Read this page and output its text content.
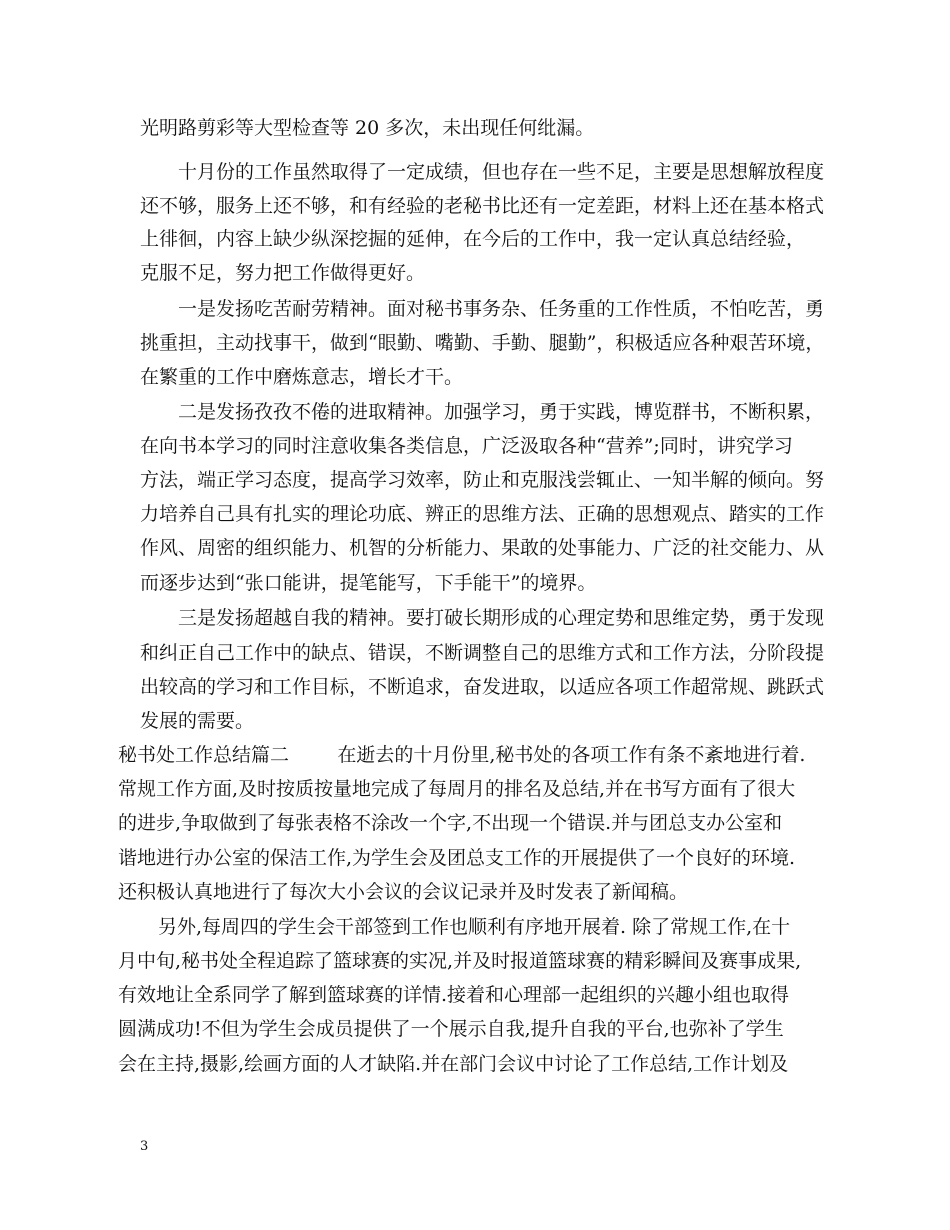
光明路剪彩等大型检查等 20 多次，未出现任何纰漏。
十月份的工作虽然取得了一定成绩，但也存在一些不足，主要是思想解放程度
还不够，服务上还不够，和有经验的老秘书比还有一定差距，材料上还在基本格式
上徘徊，内容上缺少纵深挖掘的延伸，在今后的工作中，我一定认真总结经验，
克服不足，努力把工作做得更好。
一是发扬吃苦耐劳精神。面对秘书事务杂、任务重的工作性质，不怕吃苦，勇
挑重担，主动找事干，做到“眼勤、嘴勤、手勤、腿勤”，积极适应各种艰苦环境，
在繁重的工作中磨炼意志，增长才干。
二是发扬孜孜不倦的进取精神。加强学习，勇于实践，博览群书，不断积累，
在向书本学习的同时注意收集各类信息，广泛汲取各种“营养”;同时，讲究学习
方法，端正学习态度，提高学习效率，防止和克服浅尝辄止、一知半解的倾向。努
力培养自己具有扎实的理论功底、辨正的思维方法、正确的思想观点、踏实的工作
作风、周密的组织能力、机智的分析能力、果敢的处事能力、广泛的社交能力、从
而逐步达到“张口能讲，提笔能写，下手能干”的境界。
三是发扬超越自我的精神。要打破长期形成的心理定势和思维定势，勇于发现
和纠正自己工作中的缺点、错误，不断调整自己的思维方式和工作方法，分阶段提
出较高的学习和工作目标，不断追求，奋发进取，以适应各项工作超常规、跳跃式
发展的需要。
秘书处工作总结篇二        在逝去的十月份里,秘书处的各项工作有条不紊地进行着.
常规工作方面,及时按质按量地完成了每周月的排名及总结,并在书写方面有了很大
的进步,争取做到了每张表格不涂改一个字,不出现一个错误.并与团总支办公室和
谐地进行办公室的保洁工作,为学生会及团总支工作的开展提供了一个良好的环境.
还积极认真地进行了每次大小会议的会议记录并及时发表了新闻稿。
另外,每周四的学生会干部签到工作也顺利有序地开展着. 除了常规工作,在十
月中旬,秘书处全程追踪了篮球赛的实况,并及时报道篮球赛的精彩瞬间及赛事成果,
有效地让全系同学了解到篮球赛的详情.接着和心理部一起组织的兴趣小组也取得
圆满成功!不但为学生会成员提供了一个展示自我,提升自我的平台,也弥补了学生
会在主持,摄影,绘画方面的人才缺陷.并在部门会议中讨论了工作总结,工作计划及
3
